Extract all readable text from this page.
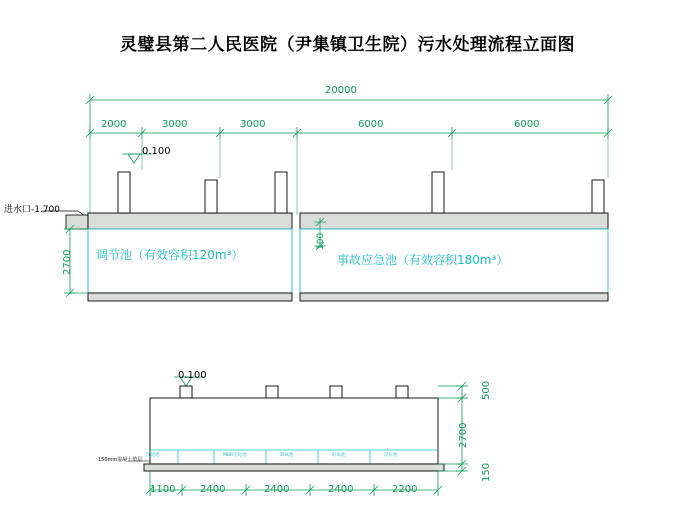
灵璧县第二人民医院（尹集镇卫生院）污水处理流程立面图
20000
2000	3000	3000	6000	6000
0.100
进水口-1.700
2700
100
调节池（有效容积120m³）	事故应急池（有效容积180m³）
0.100
150mm混凝土垫层
沉淀池	MBR生化池	缺氧池	好氧池	反应池
1100 2400	2400	2400	2200
500
2700
150
